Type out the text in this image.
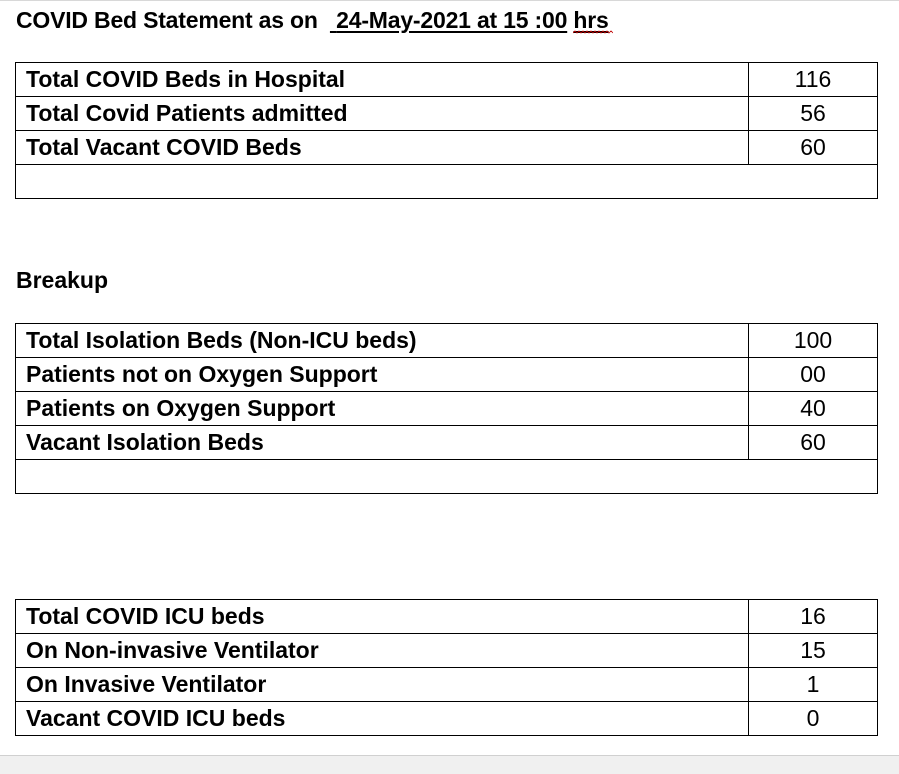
COVID Bed Statement as on 24-May-2021 at 15 :00 hrs
Total COVID Beds in Hospital	116
Total Covid Patients admitted	56
Total Vacant COVID Beds	60

Breakup
Total Isolation Beds (Non-ICU beds)	100
Patients not on Oxygen Support	00
Patients on Oxygen Support	40
Vacant Isolation Beds	60

Total COVID ICU beds	16
On Non-invasive Ventilator	15
On Invasive Ventilator	1
Vacant COVID ICU beds	0
